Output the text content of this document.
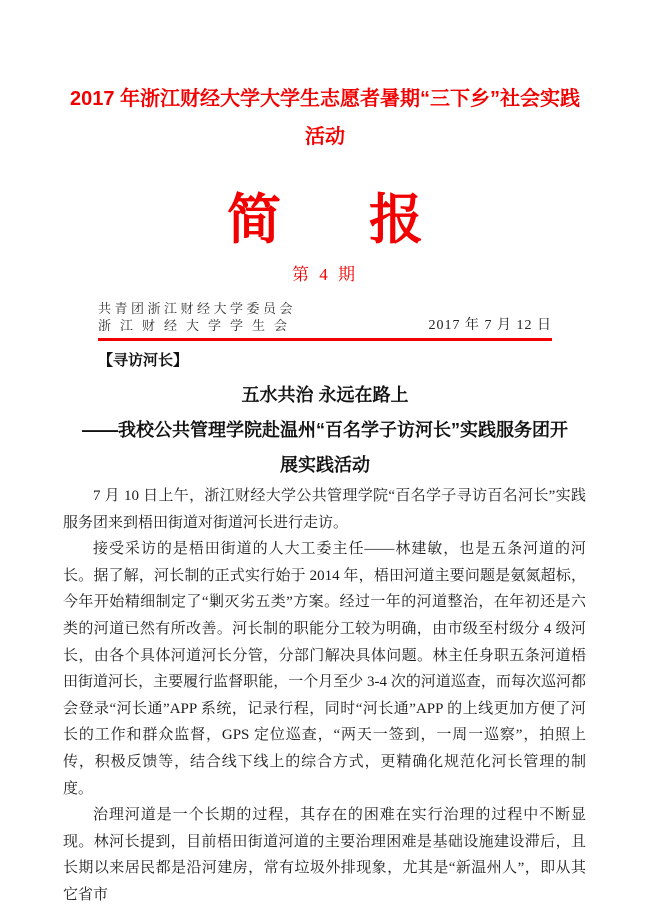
2017 年浙江财经大学大学生志愿者暑期“三下乡”社会实践
活动
简 报
第 4 期
共青团浙江财经大学委员会
浙江财经大学学生会	2017 年 7 月 12 日
【寻访河长】
五水共治 永远在路上
——我校公共管理学院赴温州“百名学子访河长”实践服务团开
展实践活动

7 月 10 日上午，浙江财经大学公共管理学院“百名学子寻访百名河长”实践服务团来到梧田街道对街道河长进行走访。

接受采访的是梧田街道的人大工委主任——林建敏，也是五条河道的河长。据了解，河长制的正式实行始于 2014 年，梧田河道主要问题是氨氮超标，今年开始精细制定了“剿灭劣五类”方案。经过一年的河道整治，在年初还是六类的河道已然有所改善。河长制的职能分工较为明确，由市级至村级分 4 级河长，由各个具体河道河长分管，分部门解决具体问题。林主任身职五条河道梧田街道河长，主要履行监督职能，一个月至少 3-4 次的河道巡查，而每次巡河都会登录“河长通”APP 系统，记录行程，同时“河长通”APP 的上线更加方便了河长的工作和群众监督，GPS 定位巡查，“两天一签到，一周一巡察”，拍照上传，积极反馈等，结合线下线上的综合方式，更精确化规范化河长管理的制度。

治理河道是一个长期的过程，其存在的困难在实行治理的过程中不断显现。林河长提到，目前梧田街道河道的主要治理困难是基础设施建设滞后，且长期以来居民都是沿河建房，常有垃圾外排现象，尤其是“新温州人”，即从其它省市
